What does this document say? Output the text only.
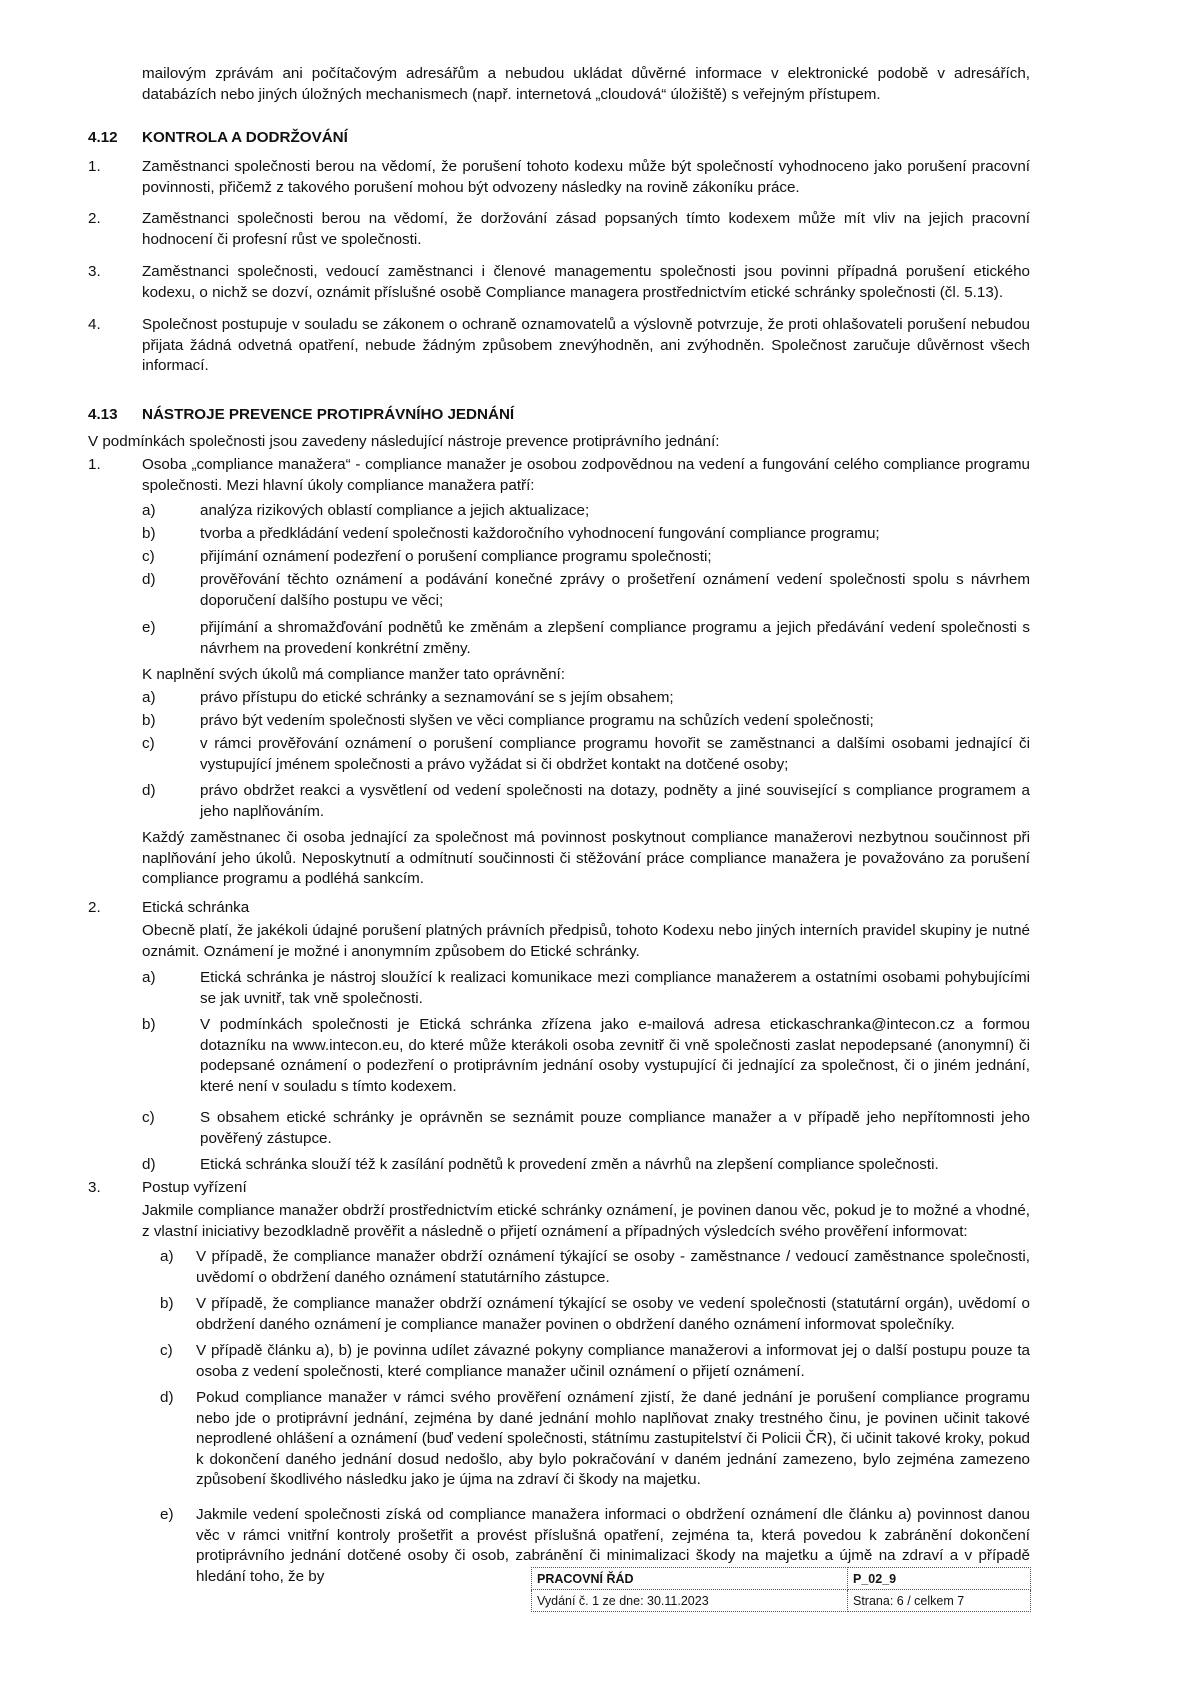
mailovým zprávám ani počítačovým adresářům a nebudou ukládat důvěrné informace v elektronické podobě v adresářích, databázích nebo jiných úložných mechanismech (např. internetová „cloudová“ úložiště) s veřejným přístupem.

4.12 KONTROLA A DODRŽOVÁNÍ

1.	Zaměstnanci společnosti berou na vědomí, že porušení tohoto kodexu může být společností vyhodnoceno jako porušení pracovní povinnosti, přičemž z takového porušení mohou být odvozeny následky na rovině zákoníku práce.

2.	Zaměstnanci společnosti berou na vědomí, že doržování zásad popsaných tímto kodexem může mít vliv na jejich pracovní hodnocení či profesní růst ve společnosti.

3.	Zaměstnanci společnosti, vedoucí zaměstnanci i členové managementu společnosti jsou povinni případná porušení etického kodexu, o nichž se dozví, oznámit příslušné osobě Compliance managera prostřednictvím etické schránky společnosti (čl. 5.13).

4.	Společnost postupuje v souladu se zákonem o ochraně oznamovatelů a výslovně potvrzuje, že proti ohlašovateli porušení nebudou přijata žádná odvetná opatření, nebude žádným způsobem znevýhodněn, ani zvýhodněn. Společnost zaručuje důvěrnost všech informací.

4.13 NÁSTROJE PREVENCE PROTIPRÁVNÍHO JEDNÁNÍ

V podmínkách společnosti jsou zavedeny následující nástroje prevence protiprávního jednání:

1.	Osoba „compliance manažera“ - compliance manažer je osobou zodpovědnou na vedení a fungování celého compliance programu společnosti. Mezi hlavní úkoly compliance manažera patří:

a)	analýza rizikových oblastí compliance a jejich aktualizace;

b)	tvorba a předkládání vedení společnosti každoročního vyhodnocení fungování compliance programu;

c)	přijímání oznámení podezření o porušení compliance programu společnosti;

d)	prověřování těchto oznámení a podávání konečné zprávy o prošetření oznámení vedení společnosti spolu s návrhem doporučení dalšího postupu ve věci;

e)	přijímání a shromažďování podnětů ke změnám a zlepšení compliance programu a jejich předávání vedení společnosti s návrhem na provedení konkrétní změny.

K naplnění svých úkolů má compliance manžer tato oprávnění:

a)	právo přístupu do etické schránky a seznamování se s jejím obsahem;

b)	právo být vedením společnosti slyšen ve věci compliance programu na schůzích vedení společnosti;

c)	v rámci prověřování oznámení o porušení compliance programu hovořit se zaměstnanci a dalšími osobami jednající či vystupující jménem společnosti a právo vyžádat si či obdržet kontakt na dotčené osoby;

d)	právo obdržet reakci a vysvětlení od vedení společnosti na dotazy, podněty a jiné související s compliance programem a jeho naplňováním.

Každý zaměstnanec či osoba jednající za společnost má povinnost poskytnout compliance manažerovi nezbytnou součinnost při naplňování jeho úkolů. Neposkytnutí a odmítnutí součinnosti či stěžování práce compliance manažera je považováno za porušení compliance programu a podléhá sankcím.

2.	Etická schránka

Obecně platí, že jakékoli údajné porušení platných právních předpisů, tohoto Kodexu nebo jiných interních pravidel skupiny je nutné oznámit. Oznámení je možné i anonymním způsobem do Etické schránky.

a)	Etická schránka je nástroj sloužící k realizaci komunikace mezi compliance manažerem a ostatními osobami pohybujícími se jak uvnitř, tak vně společnosti.

b)	V podmínkách společnosti je Etická schránka zřízena jako e-mailová adresa etickaschranka@intecon.cz a formou dotazníku na www.intecon.eu, do které může kterákoli osoba zevnitř či vně společnosti zaslat nepodepsané (anonymní) či podepsané oznámení o podezření o protiprávním jednání osoby vystupující či jednající za společnost, či o jiném jednání, které není v souladu s tímto kodexem.

c)	S obsahem etické schránky je oprávněn se seznámit pouze compliance manažer a v případě jeho nepřítomnosti jeho pověřený zástupce.

d)	Etická schránka slouží též k zasílání podnětů k provedení změn a návrhů na zlepšení compliance společnosti.

3.	Postup vyřízení

Jakmile compliance manažer obdrží prostřednictvím etické schránky oznámení, je povinen danou věc, pokud je to možné a vhodné, z vlastní iniciativy bezodkladně prověřit a následně o přijetí oznámení a případných výsledcích svého prověření informovat:

a) V případě, že compliance manažer obdrží oznámení týkající se osoby - zaměstnance / vedoucí zaměstnance společnosti, uvědomí o obdržení daného oznámení statutárního zástupce.

b) V případě, že compliance manažer obdrží oznámení týkající se osoby ve vedení společnosti (statutární orgán), uvědomí o obdržení daného oznámení je compliance manažer povinen o obdržení daného oznámení informovat společníky.

c) V případě článku a), b) je povinna udílet závazné pokyny compliance manažerovi a informovat jej o další postupu pouze ta osoba z vedení společnosti, které compliance manažer učinil oznámení o přijetí oznámení.

d) Pokud compliance manažer v rámci svého prověření oznámení zjistí, že dané jednání je porušení compliance programu nebo jde o protiprávní jednání, zejména by dané jednání mohlo naplňovat znaky trestného činu, je povinen učinit takové neprodlené ohlášení a oznámení (buď vedení společnosti, státnímu zastupitelství či Policii ČR), či učinit takové kroky, pokud k dokončení daného jednání dosud nedošlo, aby bylo pokračování v daném jednání zamezeno, bylo zejména zamezeno způsobení škodlivého následku jako je újma na zdraví či škody na majetku.

e) Jakmile vedení společnosti získá od compliance manažera informaci o obdržení oznámení dle článku a) povinnost danou věc v rámci vnitřní kontroly prošetřit a provést příslušná opatření, zejména ta, která povedou k zabránění dokončení protiprávního jednání dotčené osoby či osob, zabránění či minimalizaci škody na majetku a újmě na zdraví a v případě hledání toho, že by	PRACOVNÍ ŘÁD	P_02_9
Vydání č. 1 ze dne: 30.11.2023	Strana: 6 / celkem 7
